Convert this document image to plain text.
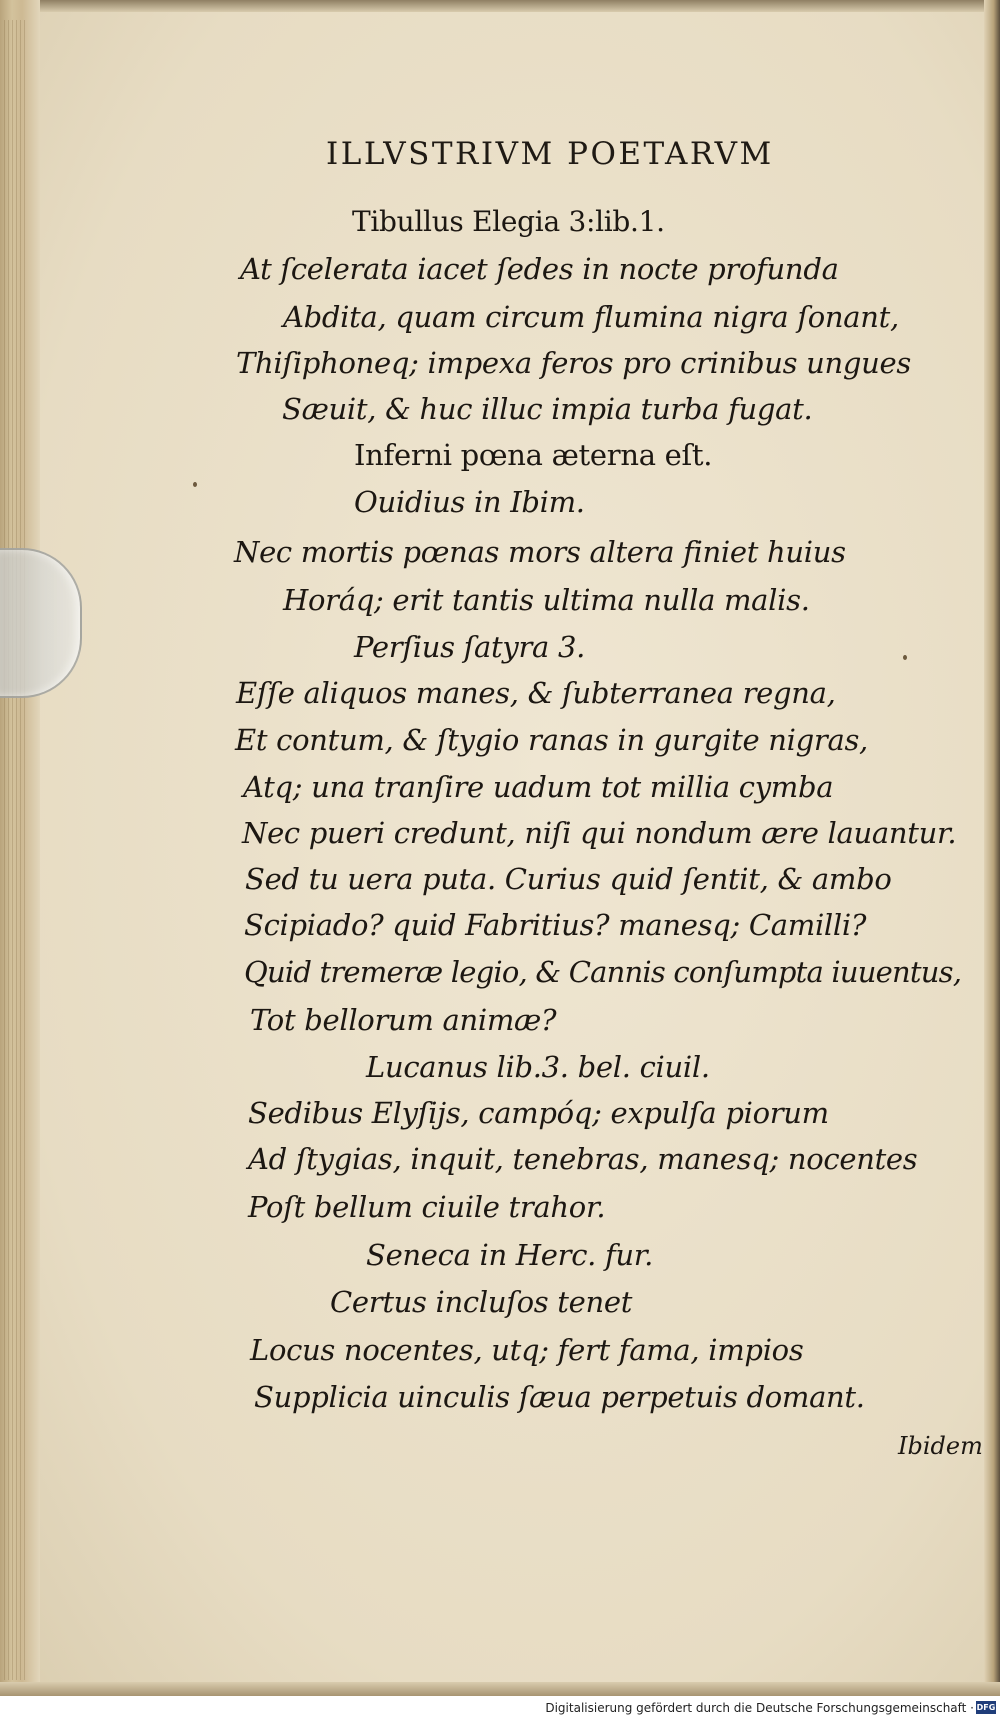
ILLVSTRIVM POETARVM
Tibullus Elegia 3:lib.1.
At ſcelerata iacet ſedes in nocte profunda
Abdita, quam circum flumina nigra ſonant,
Thiſiphoneq; impexa feros pro crinibus ungues
Sæuit, & huc illuc impia turba fugat.
Inferni pœna æterna eſt.
Ouidius in Ibim.
Nec mortis pœnas mors altera finiet huius
Horáq; erit tantis ultima nulla malis.
Perſius ſatyra 3.
Eſſe aliquos manes, & ſubterranea regna,
Et contum, & ſtygio ranas in gurgite nigras,
Atq; una tranſire uadum tot millia cymba
Nec pueri credunt, niſi qui nondum ære lauantur.
Sed tu uera puta. Curius quid ſentit, & ambo
Scipiado? quid Fabritius? manesq; Camilli?
Quid tremeræ legio, & Cannis conſumpta iuuentus,
Tot bellorum animæ?
Lucanus lib.3. bel. ciuil.
Sedibus Elyſijs, campóq; expulſa piorum
Ad ſtygias, inquit, tenebras, manesq; nocentes
Poſt bellum ciuile trahor.
Seneca in Herc. fur.
Certus incluſos tenet
Locus nocentes, utq; fert fama, impios
Supplicia uinculis ſæua perpetuis domant.
Ibidem
Digitalisierung gefördert durch die Deutsche Forschungsgemeinschaft · DFG
